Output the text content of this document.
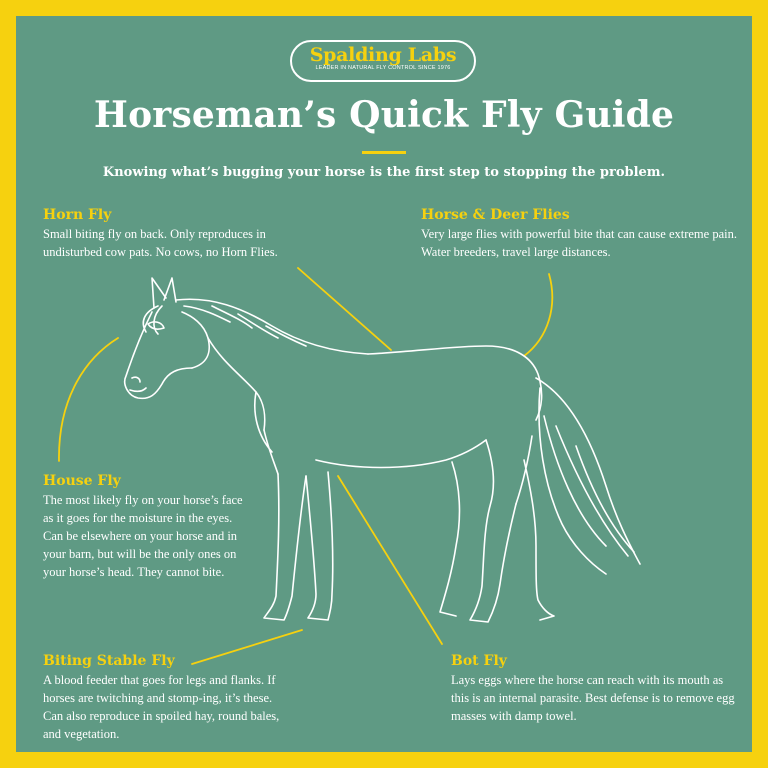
Spalding Labs
LEADER IN NATURAL FLY CONTROL SINCE 1976
Horseman’s Quick Fly Guide

Knowing what’s bugging your horse is the first step to stopping the problem.

Horn Fly
Small biting fly on back. Only reproduces in undisturbed cow pats. No cows, no Horn Flies.
Horse & Deer Flies
Very large flies with powerful bite that can cause extreme pain. Water breeders, travel large distances.
House Fly
The most likely fly on your horse’s face as it goes for the moisture in the eyes. Can be elsewhere on your horse and in your barn, but will be the only ones on your horse’s head. They cannot bite.
Biting Stable Fly
A blood feeder that goes for legs and flanks. If horses are twitching and stomp-ing, it’s these. Can also reproduce in spoiled hay, round bales, and vegetation.
Bot Fly
Lays eggs where the horse can reach with its mouth as this is an internal parasite. Best defense is to remove egg masses with damp towel.
